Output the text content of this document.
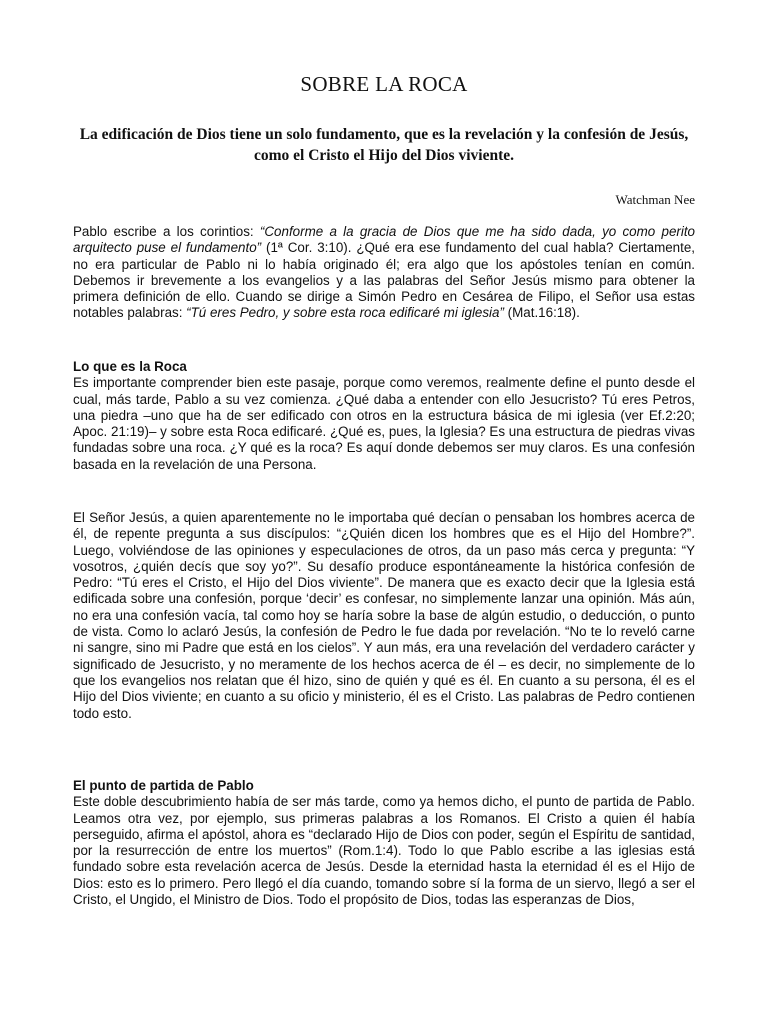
SOBRE LA ROCA

La edificación de Dios tiene un solo fundamento, que es la revelación y la confesión de Jesús, como el Cristo el Hijo del Dios viviente.

Watchman Nee

Pablo escribe a los corintios: “Conforme a la gracia de Dios que me ha sido dada, yo como perito arquitecto puse el fundamento” (1ª Cor. 3:10). ¿Qué era ese fundamento del cual habla? Ciertamente, no era particular de Pablo ni lo había originado él; era algo que los apóstoles tenían en común. Debemos ir brevemente a los evangelios y a las palabras del Señor Jesús mismo para obtener la primera definición de ello. Cuando se dirige a Simón Pedro en Cesárea de Filipo, el Señor usa estas notables palabras: “Tú eres Pedro, y sobre esta roca edificaré mi iglesia” (Mat.16:18).

Lo que es la Roca

Es importante comprender bien este pasaje, porque como veremos, realmente define el punto desde el cual, más tarde, Pablo a su vez comienza. ¿Qué daba a entender con ello Jesucristo? Tú eres Petros, una piedra –uno que ha de ser edificado con otros en la estructura básica de mi iglesia (ver Ef.2:20; Apoc. 21:19)– y sobre esta Roca edificaré. ¿Qué es, pues, la Iglesia? Es una estructura de piedras vivas fundadas sobre una roca. ¿Y qué es la roca? Es aquí donde debemos ser muy claros. Es una confesión basada en la revelación de una Persona.

El Señor Jesús, a quien aparentemente no le importaba qué decían o pensaban los hombres acerca de él, de repente pregunta a sus discípulos: “¿Quién dicen los hombres que es el Hijo del Hombre?”. Luego, volviéndose de las opiniones y especulaciones de otros, da un paso más cerca y pregunta: “Y vosotros, ¿quién decís que soy yo?”. Su desafío produce espontáneamente la histórica confesión de Pedro: “Tú eres el Cristo, el Hijo del Dios viviente”. De manera que es exacto decir que la Iglesia está edificada sobre una confesión, porque ‘decir’ es confesar, no simplemente lanzar una opinión. Más aún, no era una confesión vacía, tal como hoy se haría sobre la base de algún estudio, o deducción, o punto de vista. Como lo aclaró Jesús, la confesión de Pedro le fue dada por revelación. “No te lo reveló carne ni sangre, sino mi Padre que está en los cielos”. Y aun más, era una revelación del verdadero carácter y significado de Jesucristo, y no meramente de los hechos acerca de él – es decir, no simplemente de lo que los evangelios nos relatan que él hizo, sino de quién y qué es él. En cuanto a su persona, él es el Hijo del Dios viviente; en cuanto a su oficio y ministerio, él es el Cristo. Las palabras de Pedro contienen todo esto.

El punto de partida de Pablo

Este doble descubrimiento había de ser más tarde, como ya hemos dicho, el punto de partida de Pablo. Leamos otra vez, por ejemplo, sus primeras palabras a los Romanos. El Cristo a quien él había perseguido, afirma el apóstol, ahora es “declarado Hijo de Dios con poder, según el Espíritu de santidad, por la resurrección de entre los muertos” (Rom.1:4). Todo lo que Pablo escribe a las iglesias está fundado sobre esta revelación acerca de Jesús. Desde la eternidad hasta la eternidad él es el Hijo de Dios: esto es lo primero. Pero llegó el día cuando, tomando sobre sí la forma de un siervo, llegó a ser el Cristo, el Ungido, el Ministro de Dios. Todo el propósito de Dios, todas las esperanzas de Dios,
